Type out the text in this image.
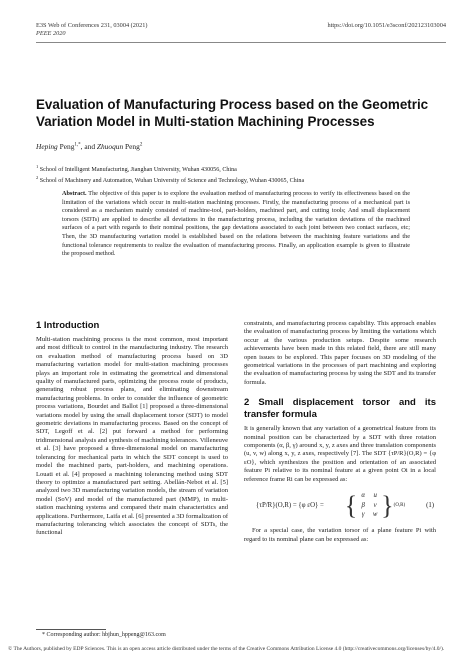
E3S Web of Conferences 231, 03004 (2021)
PEEE 2020
https://doi.org/10.1051/e3sconf/202123103004
Evaluation of Manufacturing Process based on the Geometric Variation Model in Multi-station Machining Processes
Heping Peng$^{1,*}$, and Zhuoqun Peng$^2$
$^1$ School of Intelligent Manufacturing, Jianghan University, Wuhan 430056, China
$^2$ School of Machinery and Automation, Wuhan University of Science and Technology, Wuhan 430065, China
Abstract. The objective of this paper is to explore the evaluation method of manufacturing process to verify its effectiveness based on the limitation of the variations which occur in multi-station machining processes. Firstly, the manufacturing process of a mechanical part is considered as a mechanism mainly consisted of machine-tool, part-holders, machined part, and cutting tools; And small displacement torsors (SDTs) are applied to describe all deviations in the manufacturing process, including the variation deviations of the machined surfaces of a part with regards to their nominal positions, the gap deviations associated to each joint between two contact surfaces, etc; Then, the 3D manufacturing variation model is established based on the relations between the machining feature variations and the functional tolerance requirements to realize the evaluation of manufacturing process. Finally, an application example is given to illustrate the proposed method.
1 Introduction

Multi-station machining process is the most common, most important and most difficult to control in the manufacturing industry. The research on evaluation method of manufacturing process based on 3D manufacturing variation model for multi-station machining processes plays an important role in estimating the geometrical and dimensional quality of manufactured parts, optimizing the process route of products, generating robust process plans, and eliminating downstream manufacturing problems. In order to consider the influence of geometric process variations, Bourdet and Ballot [1] proposed a three-dimensional variations model by using the small displacement torsor (SDT) to model geometric deviations in manufacturing process. Based on the concept of SDT, Legoff et al. [2] put forward a method for performing tridimensional analysis and synthesis of machining tolerances. Villeneuve et al. [3] have proposed a three-dimensional model on manufacturing tolerancing for mechanical parts in which the SDT concept is used to model the machined parts, part-holders, and machining operations. Louati et al. [4] proposed a machining tolerancing method using SDT theory to optimize a manufactured part setting. Abellán-Nebot et al. [5] analyzed two 3D manufacturing variation models, the stream of variation model (SoV) and model of the manufactured part (MMP), in multi-station machining systems and compared their main characteristics and applications. Furthermore, Laifa et al. [6] presented a 3D formalization of manufacturing tolerancing which associates the concept of SDTs, the functional

constraints, and manufacturing process capability. This approach enables the evaluation of manufacturing process by limiting the variations which occur at the various production setups. Despite some research achievements have been made in this related field, there are still many open issues to be explored. This paper focuses on 3D modeling of the geometrical variations in the processes of part machining and exploring the evaluation of manufacturing process by using the SDT and its transfer formula.

2 Small displacement torsor and its transfer formula

It is generally known that any variation of a geometrical feature from its nominal position can be characterized by a SDT with three rotation components (α, β, γ) around x, y, z axes and three translation components (u, v, w) along x, y, z axes, respectively [7]. The SDT {τP/R}(O,R) = {φ εO}, which synthesizes the position and orientation of an associated feature Pi relative to its nominal feature at a given point Oi in a local reference frame Ri can be expressed as:

{τP/R}(O,R) = {φ εO} = { α	u
β	v
γ	w } (O,R)	(1)

For a special case, the variation torsor of a plane feature Pi with regard to its nominal plane can be expressed as:

* Corresponding author: hbjhun_hppeng@163.com
© The Authors, published by EDP Sciences. This is an open access article distributed under the terms of the Creative Commons Attribution License 4.0 (http://creativecommons.org/licenses/by/4.0/).
